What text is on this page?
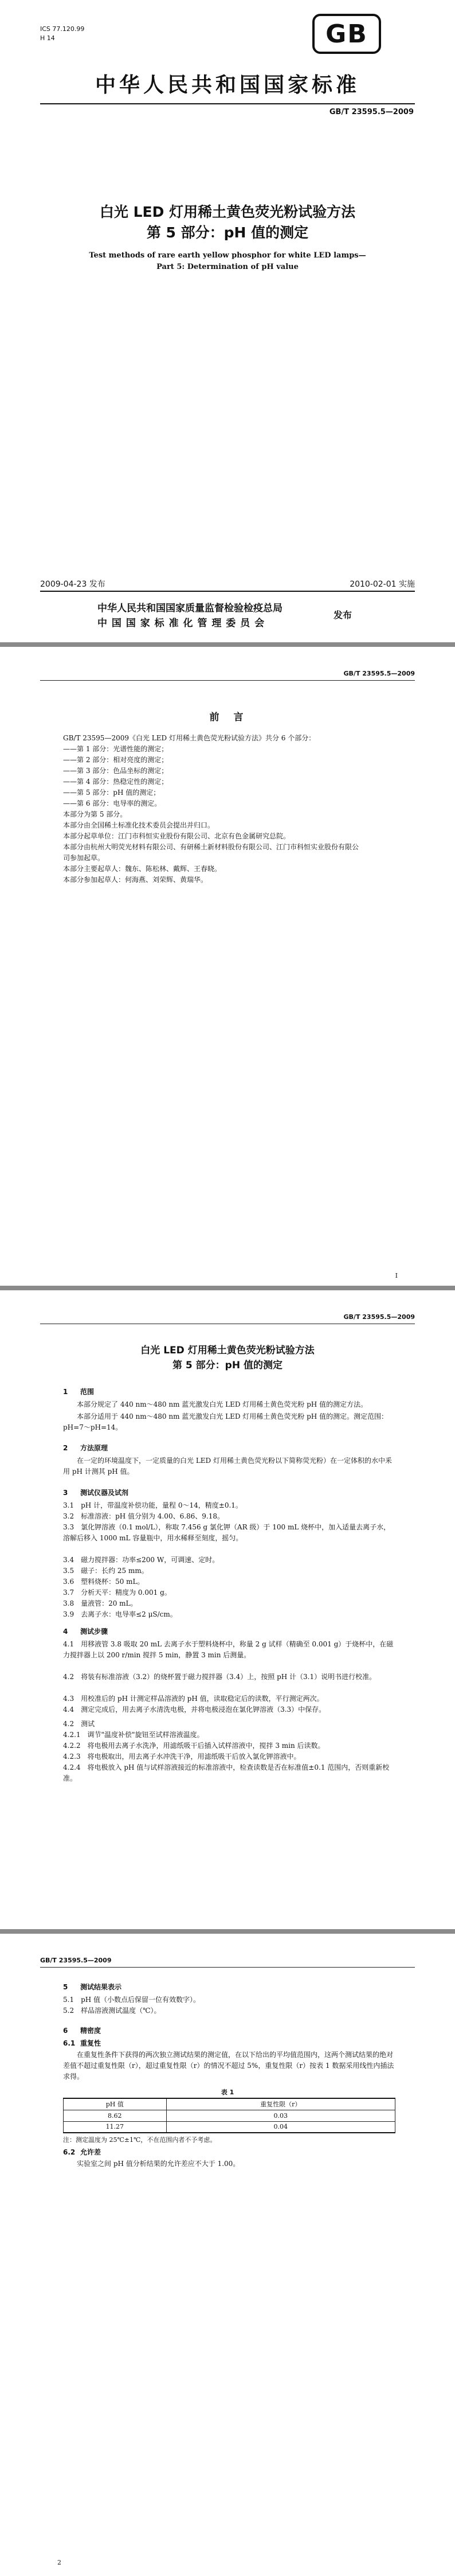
ICS 77.120.99
H 14	GB
中华人民共和国国家标准
GB/T 23595.5—2009
白光 LED 灯用稀土黄色荧光粉试验方法
第 5 部分：pH 值的测定
Test methods of rare earth yellow phosphor for white LED lamps—
Part 5: Determination of pH value
2009-04-23 发布	2010-02-01 实施
中华人民共和国国家质量监督检验检疫总局
中 国 国 家 标 准 化 管 理 委 员 会
发布
GB/T 23595.5—2009
前　言
GB/T 23595—2009《白光 LED 灯用稀土黄色荧光粉试验方法》共分 6 个部分：
——第 1 部分：光谱性能的测定；
——第 2 部分：相对亮度的测定；
——第 3 部分：色品坐标的测定；
——第 4 部分：热稳定性的测定；
——第 5 部分：pH 值的测定；
——第 6 部分：电导率的测定。
本部分为第 5 部分。
本部分由全国稀土标准化技术委员会提出并归口。
本部分起草单位：江门市科恒实业股份有限公司、北京有色金属研究总院。
本部分由杭州大明荧光材料有限公司、有研稀土新材料股份有限公司、江门市科恒实业股份有限公
司参加起草。
本部分主要起草人：魏东、陈松林、戴辉、王春晓。
本部分参加起草人：何海燕、刘荣辉、黄瑞华。
I
GB/T 23595.5—2009
白光 LED 灯用稀土黄色荧光粉试验方法
第 5 部分：pH 值的测定
1 范围
本部分规定了 440 nm～480 nm 蓝光激发白光 LED 灯用稀土黄色荧光粉 pH 值的测定方法。
本部分适用于 440 nm～480 nm 蓝光激发白光 LED 灯用稀土黄色荧光粉 pH 值的测定。测定范围：pH=7～pH=14。
2 方法原理
在一定的环境温度下，一定质量的白光 LED 灯用稀土黄色荧光粉以下简称荧光粉）在一定体积的水中釆用 pH 计测其 pH 值。
3 测试仪器及试剂
3.1　pH 计，带温度补偿功能，量程 0～14，精度±0.1。
3.2　标准溶液：pH 值分别为 4.00、6.86、9.18。
3.3　氯化钾溶液（0.1 mol/L），称取 7.456 g 氯化钾（AR 级）于 100 mL 烧杯中，加入适量去离子水，溶解后移入 1000 mL 容量瓶中，用水稀释至刻度，摇匀。
3.4　磁力搅拌器：功率≤200 W，可调速、定时。
3.5　磁子：长约 25 mm。
3.6　塑料烧杯：50 mL。
3.7　分析天平：精度为 0.001 g。
3.8　量液管：20 mL。
3.9　去离子水：电导率≤2 μS/cm。
4 测试步骤
4.1　用移液管 3.8 吸取 20 mL 去离子水于塑料烧杯中，称量 2 g 试样（精确至 0.001 g）于烧杯中，在磁力搅拌器上以 200 r/min 搅拌 5 min，静置 3 min 后测量。
4.2　将装有标准溶液（3.2）的烧杯置于磁力搅拌器（3.4）上，按照 pH 计（3.1）说明书进行校准。
4.3　用校准后的 pH 计测定样品溶液的 pH 值，读取稳定后的读数，平行测定两次。
4.4　测定完成后，用去离子水清洗电极，并将电极浸泡在氯化钾溶液（3.3）中保存。
4.2　测试
4.2.1　调节"温度补偿"旋钮至试样溶液温度。
4.2.2　将电极用去离子水洗净，用滤纸吸干后插入试样溶液中，搅拌 3 min 后读数。
4.2.3　将电极取出，用去离子水冲洗干净，用滤纸吸干后放入氯化钾溶液中。
4.2.4　将电极放入 pH 值与试样溶液接近的标准溶液中，检查读数是否在标准值±0.1 范围内，否则重新校准。
GB/T 23595.5—2009
5 测试结果表示
5.1　pH 值（小数点后保留一位有效数字）。
5.2　样品溶液测试温度（℃）。
6 精密度
6.1 重复性
在重复性条件下获得的两次独立测试结果的测定值，在以下给出的平均值范围内，这两个测试结果的绝对差值不超过重复性限（r），超过重复性限（r）的情况不超过 5%，重复性限（r）按表 1 数据采用线性内插法求得。
表 1
pH 值	重复性限（r）
8.62	0.03
11.27	0.04
注：测定温度为 25℃±1℃，不在范围内者不予考虑。
6.2 允许差
实验室之间 pH 值分析结果的允许差应不大于 1.00。
2
